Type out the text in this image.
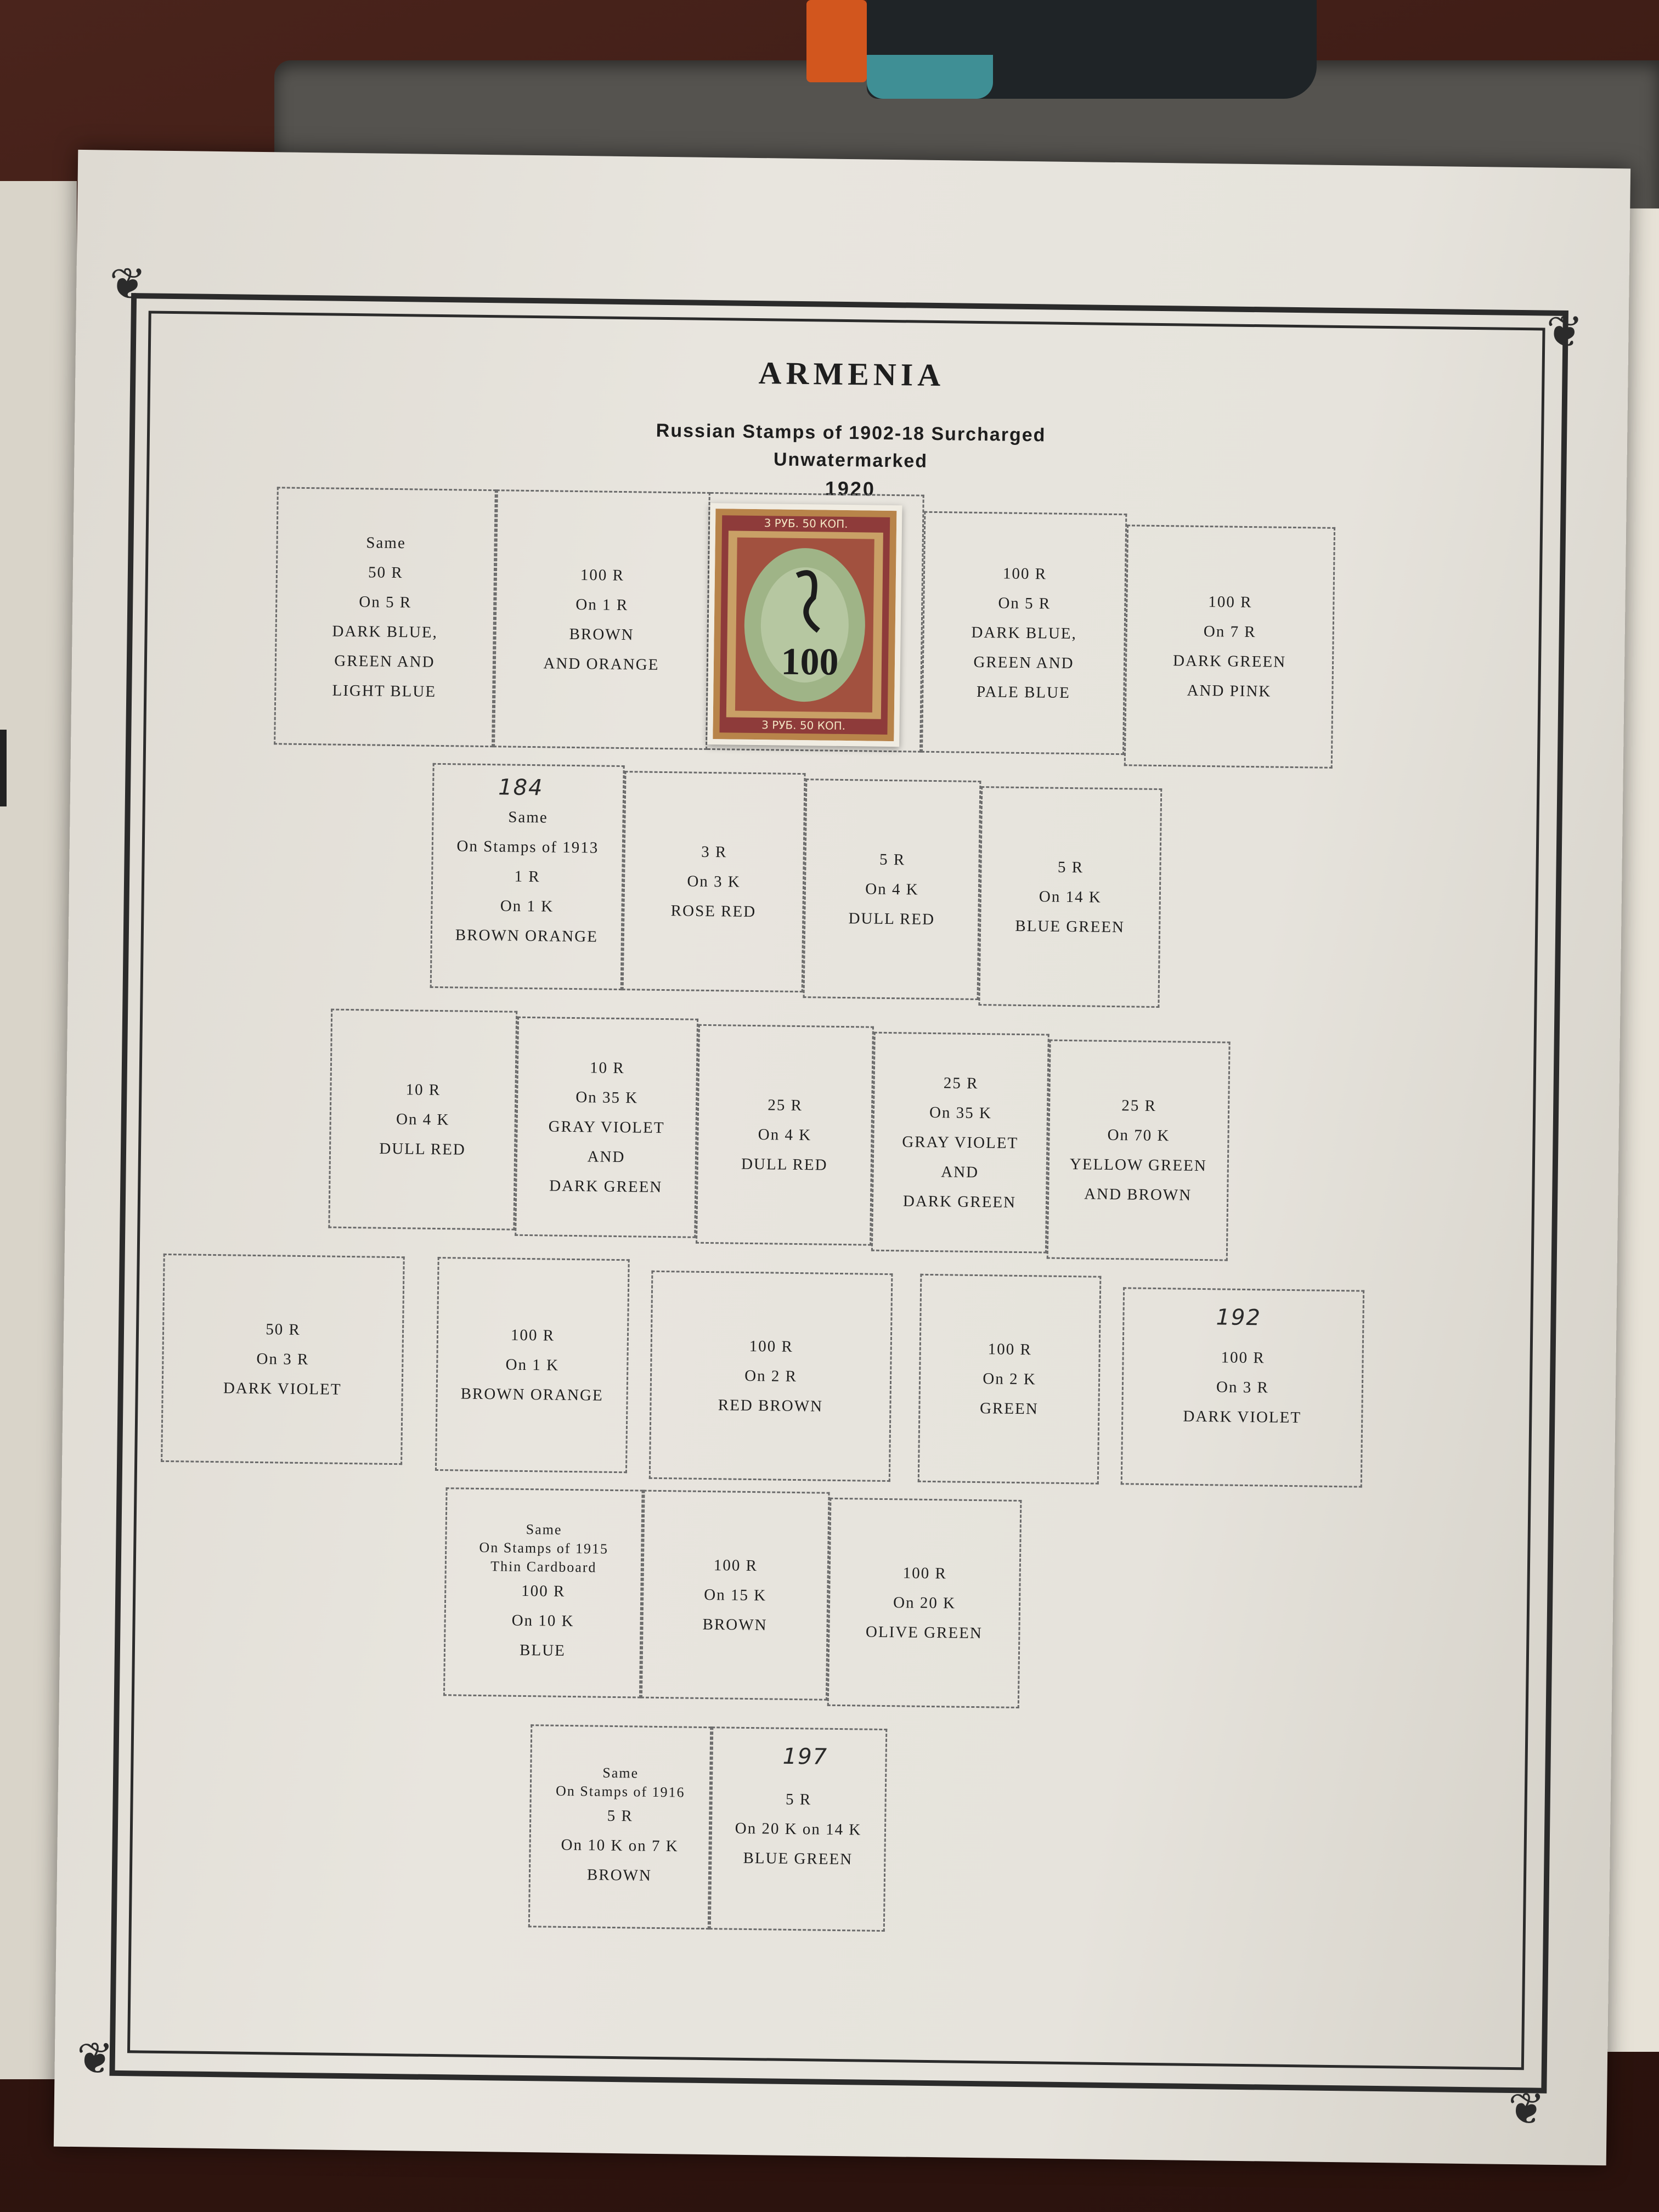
❦
❦
❦
❦
ARMENIA
Russian Stamps of 1902-18 Surcharged
Unwatermarked
1920
Same
50 R
On 5 R
DARK BLUE,
GREEN AND
LIGHT BLUE
100 R
On 1 R
BROWN
AND ORANGE
3 РУБ. 50 КОП.
3 РУБ. 50 КОП.
100
100 R
On 5 R
DARK BLUE,
GREEN AND
PALE BLUE
100 R
On 7 R
DARK GREEN
AND PINK
184
Same
On Stamps of 1913
1 R
On 1 K
BROWN ORANGE
3 R
On 3 K
ROSE RED
5 R
On 4 K
DULL RED
5 R
On 14 K
BLUE GREEN
10 R
On 4 K
DULL RED
10 R
On 35 K
GRAY VIOLET
AND
DARK GREEN
25 R
On 4 K
DULL RED
25 R
On 35 K
GRAY VIOLET
AND
DARK GREEN
25 R
On 70 K
YELLOW GREEN
AND BROWN
50 R
On 3 R
DARK VIOLET
100 R
On 1 K
BROWN ORANGE
100 R
On 2 R
RED BROWN
100 R
On 2 K
GREEN
192
100 R
On 3 R
DARK VIOLET
Same
On Stamps of 1915
Thin Cardboard
100 R
On 10 K
BLUE
100 R
On 15 K
BROWN
100 R
On 20 K
OLIVE GREEN
Same
On Stamps of 1916
5 R
On 10 K on 7 K
BROWN
197
5 R
On 20 K on 14 K
BLUE GREEN
